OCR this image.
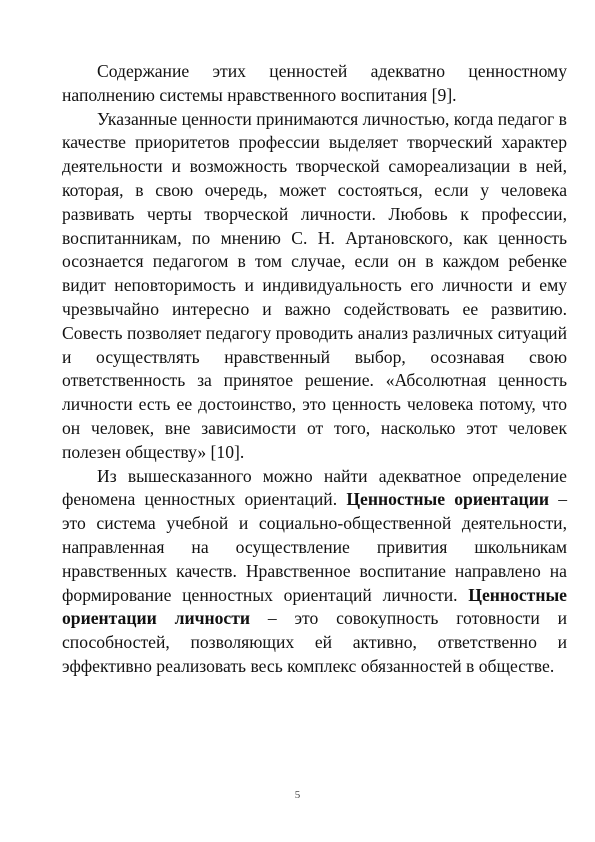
Содержание этих ценностей адекватно ценностному наполнению системы нравственного воспитания [9].

Указанные ценности принимаются личностью, когда педагог в качестве приоритетов профессии выделяет творческий характер деятельности и возможность творческой самореализации в ней, которая, в свою очередь, может состояться, если у человека развивать черты творческой личности. Любовь к профессии, воспитанникам, по мнению С. Н. Артановского, как ценность осознается педагогом в том случае, если он в каждом ребенке видит неповторимость и индивидуальность его личности и ему чрезвычайно интересно и важно содействовать ее развитию. Совесть позволяет педагогу проводить анализ различных ситуаций и осуществлять нравственный выбор, осознавая свою ответственность за принятое решение. «Абсолютная ценность личности есть ее достоинство, это ценность человека потому, что он человек, вне зависимости от того, насколько этот человек полезен обществу» [10].

Из вышесказанного можно найти адекватное определение феномена ценностных ориентаций. Ценностные ориентации – это система учебной и социально-общественной деятельности, направленная на осуществление привития школьникам нравственных качеств. Нравственное воспитание направлено на формирование ценностных ориентаций личности. Ценностные ориентации личности – это совокупность готовности и способностей, позволяющих ей активно, ответственно и эффективно реализовать весь комплекс обязанностей в обществе.

5
